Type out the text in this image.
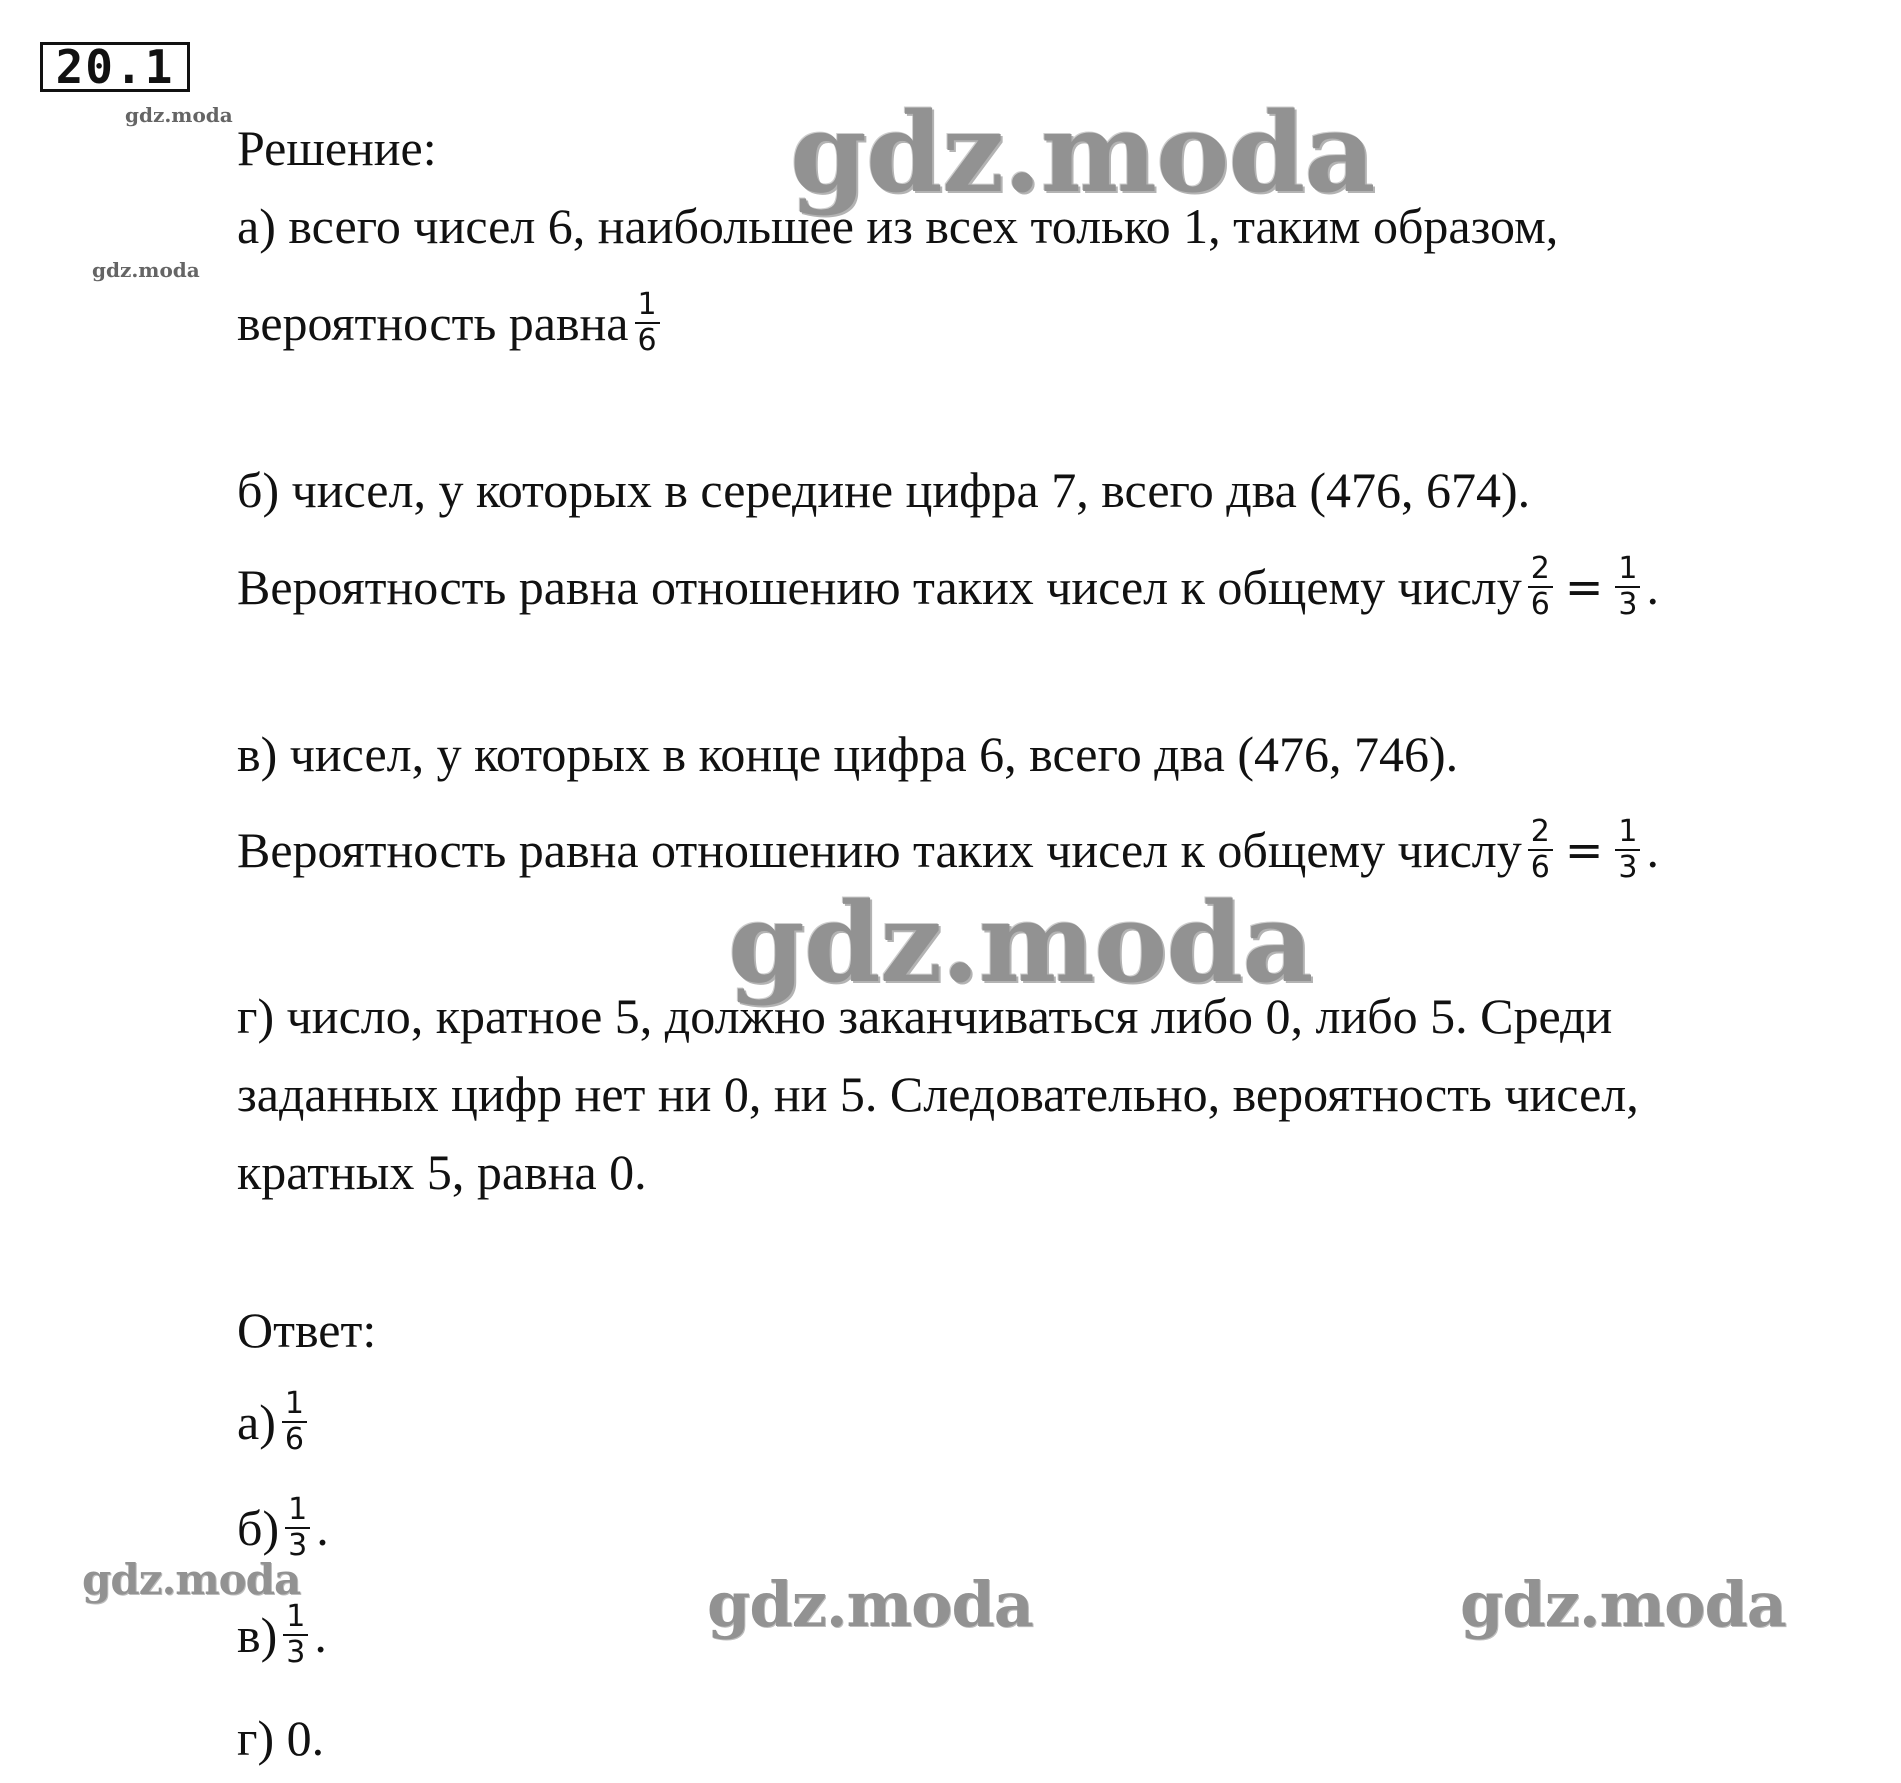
20.1
gdz.moda
gdz.moda
gdz.moda
gdz.moda
gdz.moda	gdz.moda	gdz.moda
Решение:
а) всего чисел 6, наибольшее из всех только 1, таким образом,
вероятность равна $\frac{1}{6}$
б) чисел, у которых в середине цифра 7, всего два (476, 674).
Вероятность равна отношению таких чисел к общему числу $\frac{2}{6} = \frac{1}{3}$ .
в) чисел, у которых в конце цифра 6, всего два (476, 746).
Вероятность равна отношению таких чисел к общему числу $\frac{2}{6} = \frac{1}{3}$ .
г) число, кратное 5, должно заканчиваться либо 0, либо 5. Среди
заданных цифр нет ни 0, ни 5. Следовательно, вероятность чисел,
кратных 5, равна 0.
Ответ:
$а) \frac{1}{6}$
$б) \frac{1}{3}$ .
$в) \frac{1}{3}$ .
г) 0.
